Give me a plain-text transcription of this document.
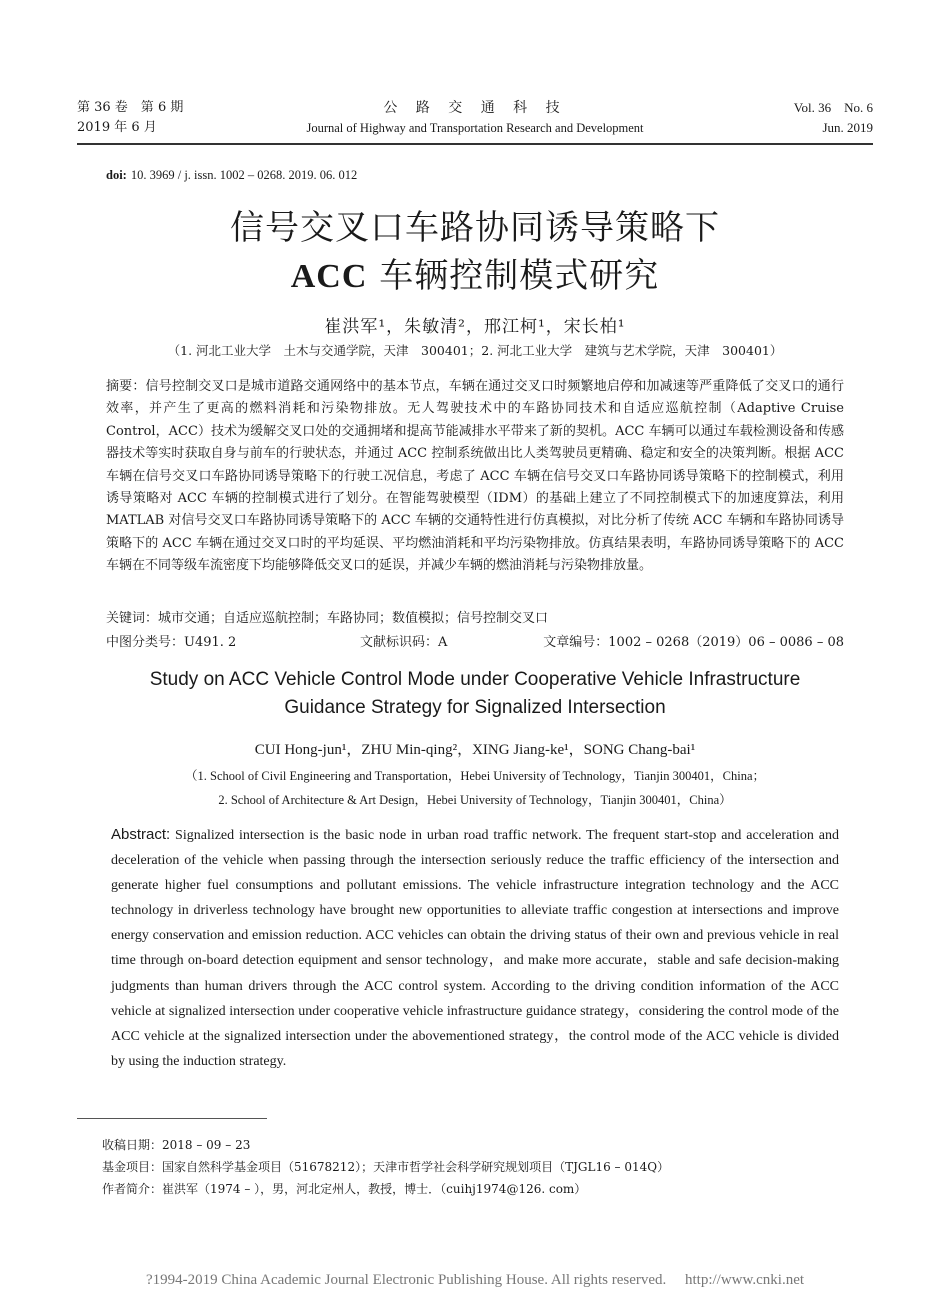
第 36 卷　第 6 期
2019 年 6 月
公 路 交 通 科 技
Journal of Highway and Transportation Research and Development
Vol. 36　No. 6
Jun. 2019
doi: 10. 3969 / j. issn. 1002 – 0268. 2019. 06. 012
信号交叉口车路协同诱导策略下
ACC 车辆控制模式研究
崔洪军¹，朱敏清²，邢江柯¹，宋长柏¹
（1. 河北工业大学　土木与交通学院，天津　300401；2. 河北工业大学　建筑与艺术学院，天津　300401）
摘要：信号控制交叉口是城市道路交通网络中的基本节点，车辆在通过交叉口时频繁地启停和加减速等严重降低了交叉口的通行效率，并产生了更高的燃料消耗和污染物排放。无人驾驶技术中的车路协同技术和自适应巡航控制（Adaptive Cruise Control，ACC）技术为缓解交叉口处的交通拥堵和提高节能减排水平带来了新的契机。ACC 车辆可以通过车载检测设备和传感器技术等实时获取自身与前车的行驶状态，并通过 ACC 控制系统做出比人类驾驶员更精确、稳定和安全的决策判断。根据 ACC 车辆在信号交叉口车路协同诱导策略下的行驶工况信息，考虑了 ACC 车辆在信号交叉口车路协同诱导策略下的控制模式，利用诱导策略对 ACC 车辆的控制模式进行了划分。在智能驾驶模型（IDM）的基础上建立了不同控制模式下的加速度算法，利用 MATLAB 对信号交叉口车路协同诱导策略下的 ACC 车辆的交通特性进行仿真模拟，对比分析了传统 ACC 车辆和车路协同诱导策略下的 ACC 车辆在通过交叉口时的平均延误、平均燃油消耗和平均污染物排放。仿真结果表明，车路协同诱导策略下的 ACC 车辆在不同等级车流密度下均能够降低交叉口的延误，并减少车辆的燃油消耗与污染物排放量。
关键词：城市交通；自适应巡航控制；车路协同；数值模拟；信号控制交叉口
中图分类号：U491. 2	文献标识码：A	文章编号：1002 – 0268（2019）06 – 0086 – 08
Study on ACC Vehicle Control Mode under Cooperative Vehicle Infrastructure
Guidance Strategy for Signalized Intersection
CUI Hong-jun¹，ZHU Min-qing²，XING Jiang-ke¹，SONG Chang-bai¹
（1. School of Civil Engineering and Transportation，Hebei University of Technology，Tianjin 300401，China；
2. School of Architecture & Art Design，Hebei University of Technology，Tianjin 300401，China）
Abstract: Signalized intersection is the basic node in urban road traffic network. The frequent start-stop and acceleration and deceleration of the vehicle when passing through the intersection seriously reduce the traffic efficiency of the intersection and generate higher fuel consumptions and pollutant emissions. The vehicle infrastructure integration technology and the ACC technology in driverless technology have brought new opportunities to alleviate traffic congestion at intersections and improve energy conservation and emission reduction. ACC vehicles can obtain the driving status of their own and previous vehicle in real time through on-board detection equipment and sensor technology，and make more accurate，stable and safe decision-making judgments than human drivers through the ACC control system. According to the driving condition information of the ACC vehicle at signalized intersection under cooperative vehicle infrastructure guidance strategy，considering the control mode of the ACC vehicle at the signalized intersection under the abovementioned strategy，the control mode of the ACC vehicle is divided by using the induction strategy.
收稿日期：2018 – 09 – 23
基金项目：国家自然科学基金项目（51678212）；天津市哲学社会科学研究规划项目（TJGL16 – 014Q）
作者简介：崔洪军（1974 – ），男，河北定州人，教授，博士．（cuihj1974@126. com）
?1994-2019 China Academic Journal Electronic Publishing House. All rights reserved.　 http://www.cnki.net
